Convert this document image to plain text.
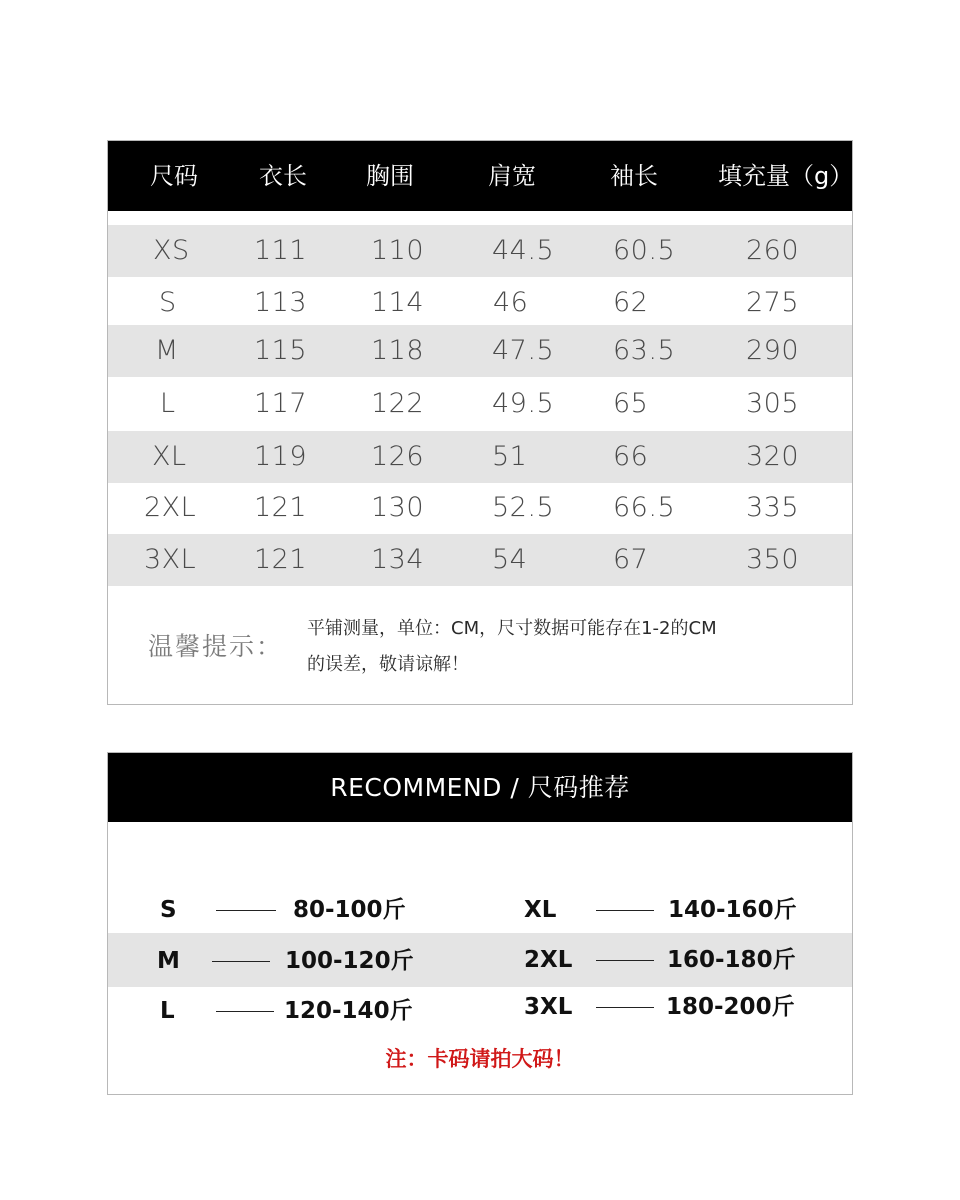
尺码	衣长 胸围	肩宽	袖长	填充量（g）
XS 111 110	44.5 60.5	260
S	113 114	46	62	275
M	115 118	47.5 63.5	290
L	117 122	49.5 65	305
XL 119 126	51	66	320
2XL 121 130	52.5 66.5	335
3XL 121 134	54	67	350
温馨提示：
平铺测量，单位：CM，尺寸数据可能存在1-2的CM
的误差，敬请谅解！
RECOMMEND / 尺码推荐
S	80-100斤
M	100-120斤
L	120-140斤
XL	140-160斤
2XL	160-180斤
3XL	180-200斤
注：卡码请拍大码！
